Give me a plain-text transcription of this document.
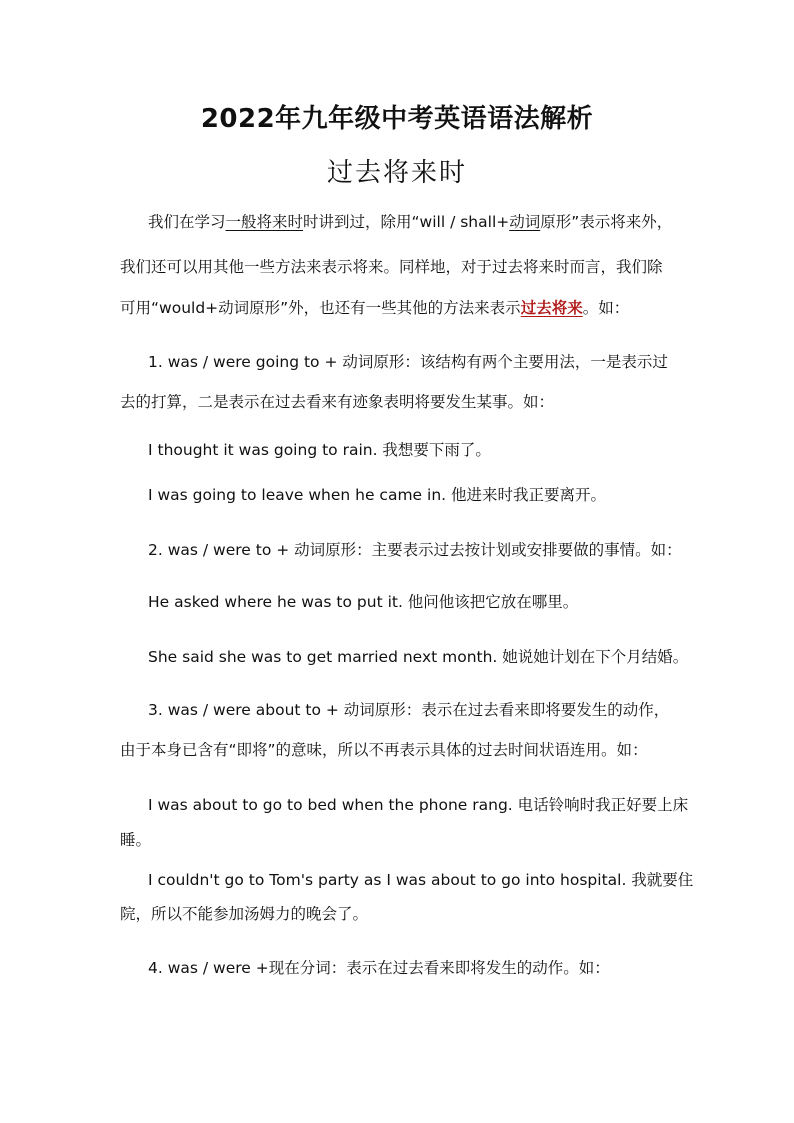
2022年九年级中考英语语法解析
过去将来时
我们在学习一般将来时时讲到过，除用“will / shall+动词原形”表示将来外，
我们还可以用其他一些方法来表示将来。同样地，对于过去将来时而言，我们除
可用“would+动词原形”外，也还有一些其他的方法来表示过去将来。如：
1. was / were going to + 动词原形：该结构有两个主要用法，一是表示过
去的打算，二是表示在过去看来有迹象表明将要发生某事。如：
I thought it was going to rain. 我想要下雨了。
I was going to leave when he came in. 他进来时我正要离开。
2. was / were to + 动词原形：主要表示过去按计划或安排要做的事情。如：
He asked where he was to put it. 他问他该把它放在哪里。
She said she was to get married next month. 她说她计划在下个月结婚。
3. was / were about to + 动词原形：表示在过去看来即将要发生的动作，
由于本身已含有“即将”的意味，所以不再表示具体的过去时间状语连用。如：
I was about to go to bed when the phone rang. 电话铃响时我正好要上床
睡。
I couldn't go to Tom's party as I was about to go into hospital. 我就要住
院，所以不能参加汤姆力的晚会了。
4. was / were +现在分词：表示在过去看来即将发生的动作。如：
